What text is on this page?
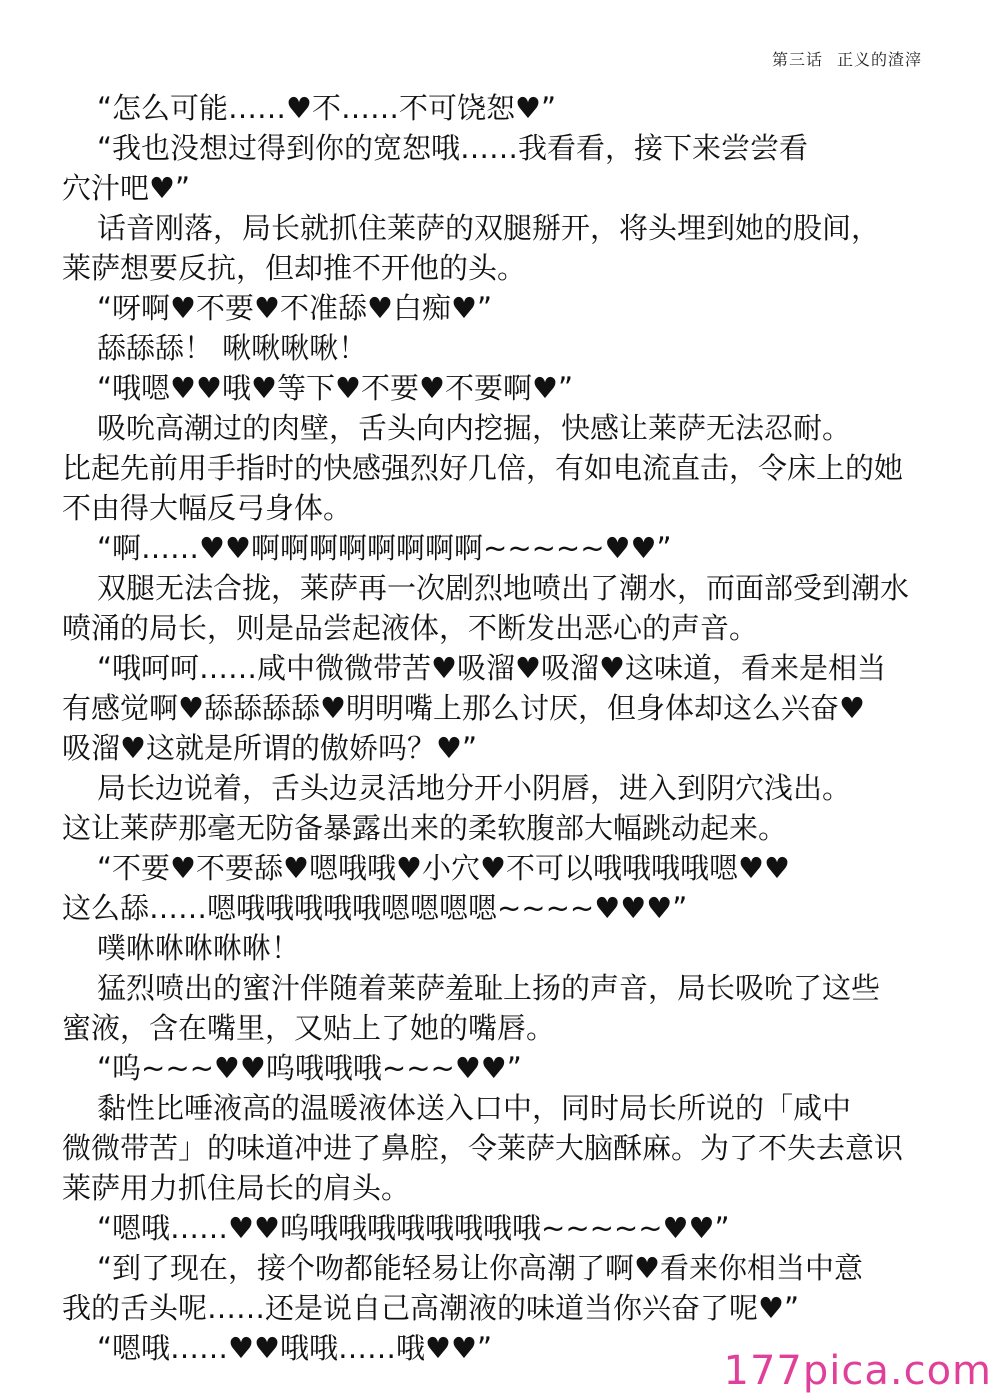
第三话 正义的渣滓

“怎么可能……♥不……不可饶恕♥”

“我也没想过得到你的宽恕哦……我看看，接下来尝尝看
穴汁吧♥”

话音刚落，局长就抓住莱萨的双腿掰开，将头埋到她的股间，
莱萨想要反抗，但却推不开他的头。

“呀啊♥不要♥不准舔♥白痴♥”

舔舔舔！ 啾啾啾啾！

“哦嗯♥♥哦♥等下♥不要♥不要啊♥”

吸吮高潮过的肉壁，舌头向内挖掘，快感让莱萨无法忍耐。
比起先前用手指时的快感强烈好几倍，有如电流直击，令床上的她
不由得大幅反弓身体。

“啊……♥♥啊啊啊啊啊啊啊啊~~~~~♥♥”

双腿无法合拢，莱萨再一次剧烈地喷出了潮水，而面部受到潮水
喷涌的局长，则是品尝起液体，不断发出恶心的声音。

“哦呵呵……咸中微微带苦♥吸溜♥吸溜♥这味道，看来是相当
有感觉啊♥舔舔舔舔♥明明嘴上那么讨厌，但身体却这么兴奋♥
吸溜♥这就是所谓的傲娇吗？♥”

局长边说着，舌头边灵活地分开小阴唇，进入到阴穴浅出。
这让莱萨那毫无防备暴露出来的柔软腹部大幅跳动起来。

“不要♥不要舔♥嗯哦哦♥小穴♥不可以哦哦哦哦嗯♥♥
这么舔……嗯哦哦哦哦哦嗯嗯嗯嗯~~~~♥♥♥”

噗咻咻咻咻咻！

猛烈喷出的蜜汁伴随着莱萨羞耻上扬的声音，局长吸吮了这些
蜜液，含在嘴里，又贴上了她的嘴唇。

“呜~~~♥♥呜哦哦哦~~~♥♥”

黏性比唾液高的温暖液体送入口中，同时局长所说的「咸中
微微带苦」的味道冲进了鼻腔，令莱萨大脑酥麻。为了不失去意识
莱萨用力抓住局长的肩头。

“嗯哦……♥♥呜哦哦哦哦哦哦哦哦~~~~~♥♥”

“到了现在，接个吻都能轻易让你高潮了啊♥看来你相当中意
我的舌头呢……还是说自己高潮液的味道当你兴奋了呢♥”

“嗯哦……♥♥哦哦……哦♥♥”	177pica.com
